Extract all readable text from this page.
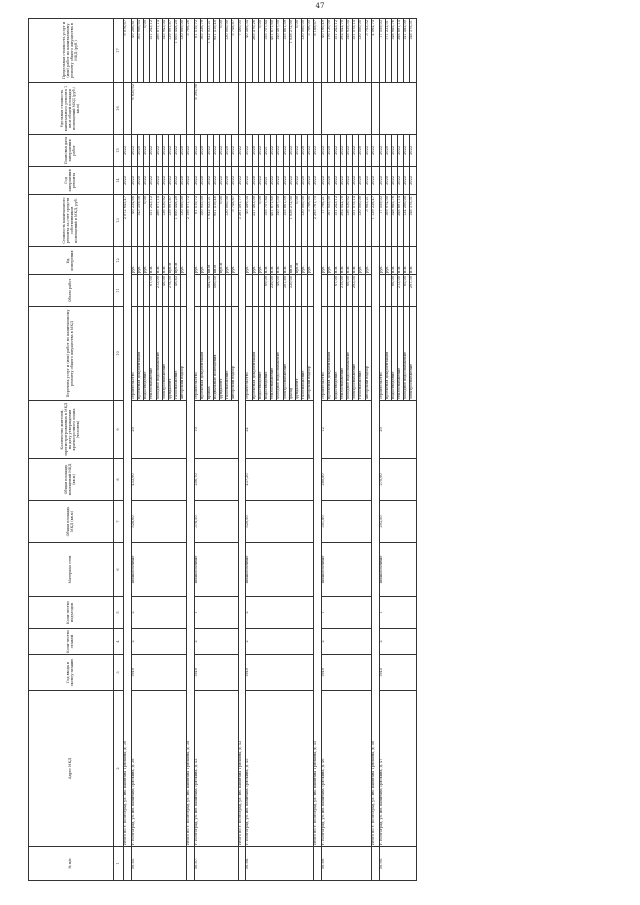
47
№ п/п	Адрес МКД	Год ввода в эксплу-атацию	Коли-чество этажей	Коли-чество подъездов	Материал стен	Общая площадь МКД (кв.м)	Общая площадь помещений МКД (кв.м)	Количество жителей, зарегистри-рованных в МКД на дату утверждения краткосрочного плана (человек)	Перечень услуг и (или) работ по капитальному ремонту общего имущества в МКД	Объем работ	Ед. измерения	Стоимость капитального ремонта за счет средств собственников помещений в МКД, руб.	Год завершения ремонта	Плановая дата завершения работ	Удельная стоимость капитального ремонта 1 кв.м общей площади помещений МКД (руб./кв.м)	Предельная стоимость услуг и (или) работ по капитальному ремонту общего имущества в МКД (руб.)
1	2	3	4	5	6	7	8	9	10	11	12	13	14	15	16	17
	Итого по г. Волгоград, ул. им. капитана Тряскина, д. 36											2 072 645,47	2022	2022		9 076,67
56.85.	г. Волгоград, ул. им. капитана Тряскина, д. 38	1949	2	2	шлакоблочные	528,60	433,90	20	строительство		руб.	40 234,66	2022	2022	6 630,62	40 286,81
									проектная документация		руб.	143 359,56	2020	2020		165 986,64
									водоотведение		руб.	0,00	2022	2022		0,00
									теплоснабжение	67,00	п.м.	151 243,12	2022	2022		151 243,12
									холодное водоснабжение	213,00	п.м.	386 871,14	2022	2022		386 871,14
									электроснабжение	46,00	п.м.	136 530,92	2022	2022		145 943,04
									фундамент	278,50	куб.м	139 991,87	2022	2022		139 991,87
									газоснабжение	46,83	куб.м	1 000 448,20	2022	2022		1 005 448,20
									авторский надзор		руб.	130 000,00	2020	2020		130 000,00
	Итого по г. Волгоград, ул. им. капитана Тряскина, д. 38											2 156 071,72	2022	2022		3 766,26
56.87.	г. Волгоград, ул. им. капитана Тряскина, д. 42	1949	2	1	шлакоблочные	378,50	256,70	10	строительство		руб.	61 510,72	2022	2022	8 395,98	61 510,72
									проектная документация		руб.	150 955,00	2020	2020		165 326,79
									крыша	484,00	кв.м	1 922 023,21	2022	2022		1 922 023,21
									подвальные помещения	500,50	кв.м	951 410,46	2022	2022		951 410,46
									фундамент		куб.м	0,00	2022	2022		0,00
									газоснабжение		руб.	130 000,00	2020	2020		130 000,00
									авторский надзор		руб.	5 748,87	2022	2022		5 748,87
	Итого по г. Волгоград, ул. им. капитана Тряскина, д. 42											3 261 491,77	2022	2022		7 460,05
56.88.	г. Волгоград, ул. им. капитана Тряскина, д. 45	1949	2	2	шлакоблочные	520,50	437,20	24	строительство		руб.	40 489,34	2022	2022		40 489,34
									проектная документация		руб.	227 463,00	2020	2020		265 470,26
									водоотведение		руб.	0,00	2022	2022		0,00
									водоотведение	69,00	п.м.	155 757,84	2021	2021		155 757,84
									теплоснабжение	220,00	п.м.	401 871,60	2022	2022		401 871,60
									холодное водоснабжение	48,00	п.м.	140 467,50	2022	2022		140 467,50
									электроснабжение	301,80	п.м.	155 861,59	2022	2022		155 861,59
									фасад	330,00	кв.м	1 038 272,00	2022	2022		1 038 272,00
									фундамент		куб.м	0,00	2022	2022		0,00
									газоснабжение		руб.	130 000,00	2020	2020		130 000,00
									авторский надзор		руб.	3 786,05	2022	2022		3 786,05
	Итого по г. Волгоград, ул. им. капитана Тряскина, д. 45											2 293 761,75	2022	2022		8 188,67
56.89.	г. Волгоград, ул. им. капитана Тряскина, д. 46	1949	2	1	шлакоблочные	301,80	280,80	12	строительство		руб.	17 798,21	2022	2022		40 160,49
									проектная документация		руб.	167 055,00	2020	2020		176 120,00
									водоотведение	67,00	п.м.	151 243,12	2022	2022		151 243,12
									теплоснабжение	215,00	п.м.	392 542,70	2022	2022		392 542,70
									холодное водоснабжение	66,00	п.м.	136 530,92	2022	2022		148 935,34
									электроснабжение	293,50	п.м.	151 575,14	2022	2022		151 575,14
									газоснабжение		руб.	130 000,00	2020	2020		130 000,00
									авторский надзор		руб.	3 983,21	2022	2022		3 753,32
	Итого по г. Волгоград, ул. им. капитана Тряскина, д. 46											1 139 228,47	2022	2022		4 064,74
56.90.	г. Волгоград, ул. им. капитана Тряскина, д. 47	1940	2	1	шлакоблочные	293,50	270,90	20	строительство		руб.	17 559,03	2022	2022		17 559,03
									проектная документация		руб.	169 974,00	2020	2020		171 232,01
									водоотведение	66,00	п.м.	148 985,76	2022	2022		148 985,76
									теплоснабжение	213,00	п.м.	388 891,14	2022	2022		388 891,14
									холодное водоснабжение	65,00	п.м.	134 200,00	2022	2022		141 482,00
									электроснабжение	297,30	п.м.	148 375,31	2022	2022		148 375,31
